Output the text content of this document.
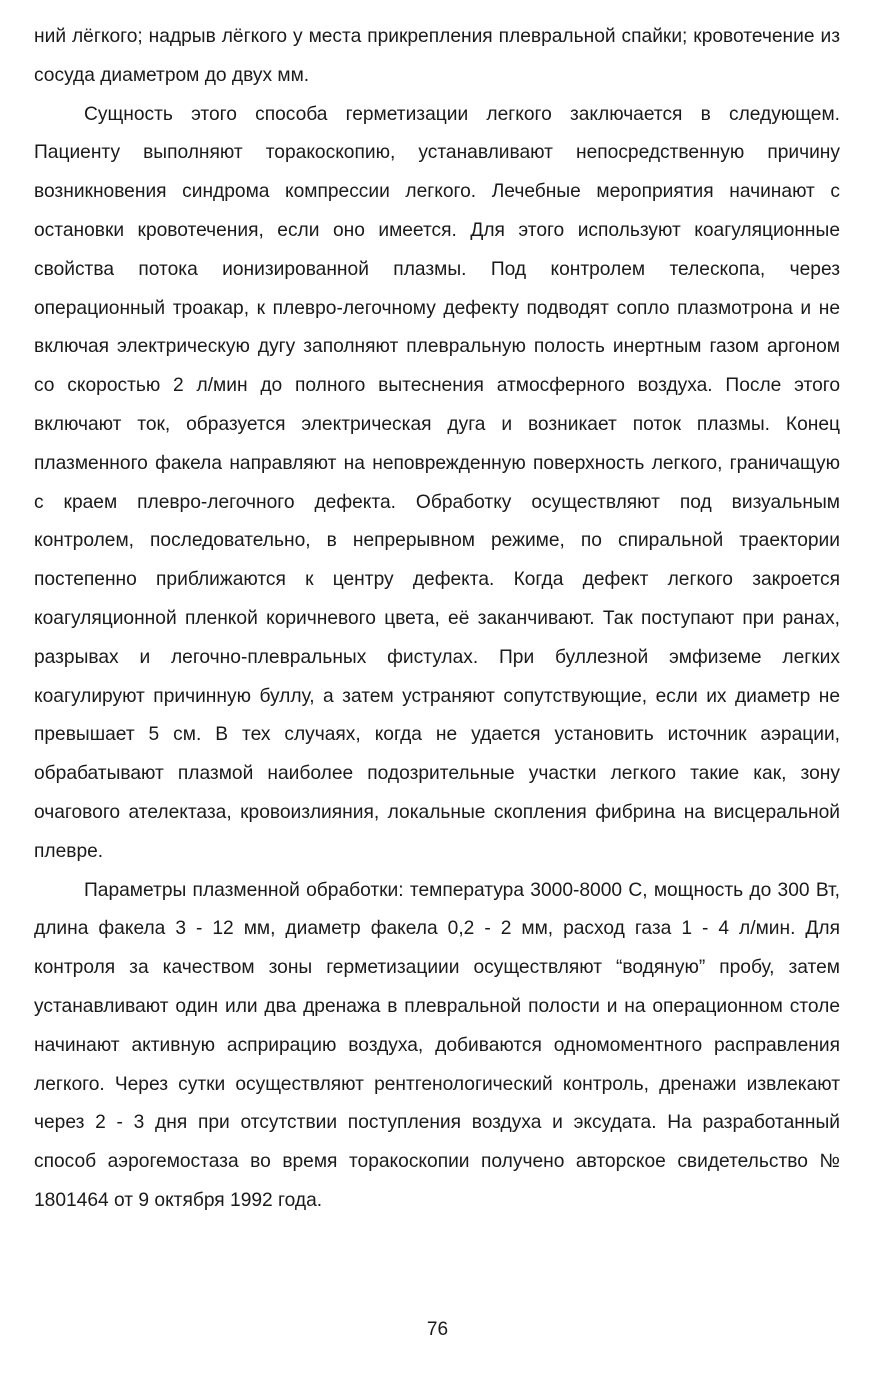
ний лёгкого; надрыв лёгкого у места прикрепления плевральной спайки; кровотечение из сосуда диаметром до двух мм.

Сущность этого способа герметизации легкого заключается в следующем. Пациенту выполняют торакоскопию, устанавливают непосредственную причину возникновения синдрома компрессии легкого. Лечебные мероприятия начинают с остановки кровотечения, если оно имеется. Для этого используют коагуляционные свойства потока ионизированной плазмы. Под контролем телескопа, через операционный троакар, к плевро-легочному дефекту подводят сопло плазмотрона и не включая электрическую дугу заполняют плевральную полость инертным газом аргоном со скоростью 2 л/мин до полного вытеснения атмосферного воздуха. После этого включают ток, образуется электрическая дуга и возникает поток плазмы. Конец плазменного факела направляют на неповрежденную поверхность легкого, граничащую с краем плевро-легочного дефекта. Обработку осуществляют под визуальным контролем, последовательно, в непрерывном режиме, по спиральной траектории постепенно приближаются к центру дефекта. Когда дефект легкого закроется коагуляционной пленкой коричневого цвета, её заканчивают. Так поступают при ранах, разрывах и легочно-плевральных фистулах. При буллезной эмфиземе легких коагулируют причинную буллу, а затем устраняют сопутствующие, если их диаметр не превышает 5 см. В тех случаях, когда не удается установить источник аэрации, обрабатывают плазмой наиболее подозрительные участки легкого такие как, зону очагового ателектаза, кровоизлияния, локальные скопления фибрина на висцеральной плевре.

Параметры плазменной обработки: температура 3000-8000 С, мощность до 300 Вт, длина факела 3 - 12 мм, диаметр факела 0,2 - 2 мм, расход газа 1 - 4 л/мин. Для контроля за качеством зоны герметизациии осуществляют “водяную” пробу, затем устанавливают один или два дренажа в плевральной полости и на операционном столе начинают активную асприрацию воздуха, добиваются одномоментного расправления легкого. Через сутки осуществляют рентгенологический контроль, дренажи извлекают через 2 - 3 дня при отсутствии поступления воздуха и эксудата. На разработанный способ аэрогемостаза во время торакоскопии получено авторское свидетельство № 1801464 от 9 октября 1992 года.

76
